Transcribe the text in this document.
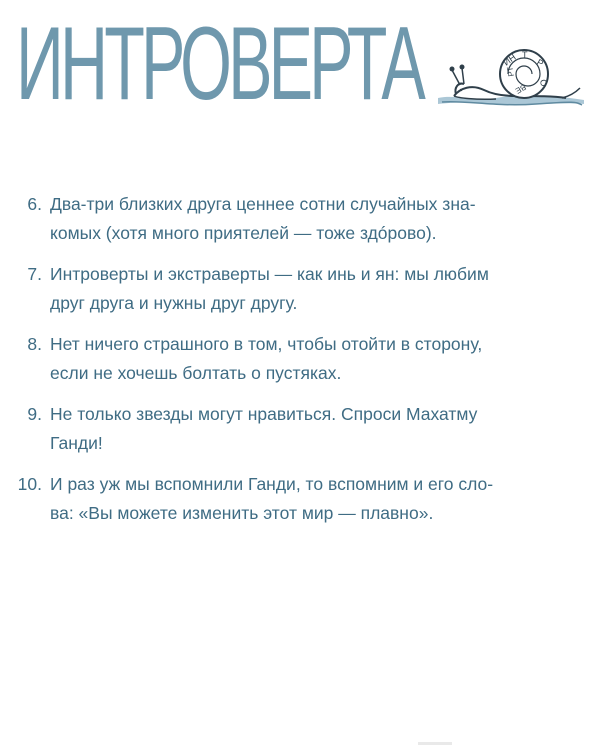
ИНТРОВЕРТА	ИН Т
Р
О
ВЕ
РТ
6. Два-три близких друга ценнее сотни случайных зна-
комых (хотя много приятелей — тоже здóрово).
7. Интроверты и экстраверты — как инь и ян: мы любим
друг друга и нужны друг другу.
8. Нет ничего страшного в том, чтобы отойти в сторону,
если не хочешь болтать о пустяках.
9. Не только звезды могут нравиться. Спроси Махатму
Ганди!
10. И раз уж мы вспомнили Ганди, то вспомним и его сло-
ва: «Вы можете изменить этот мир — плавно».
